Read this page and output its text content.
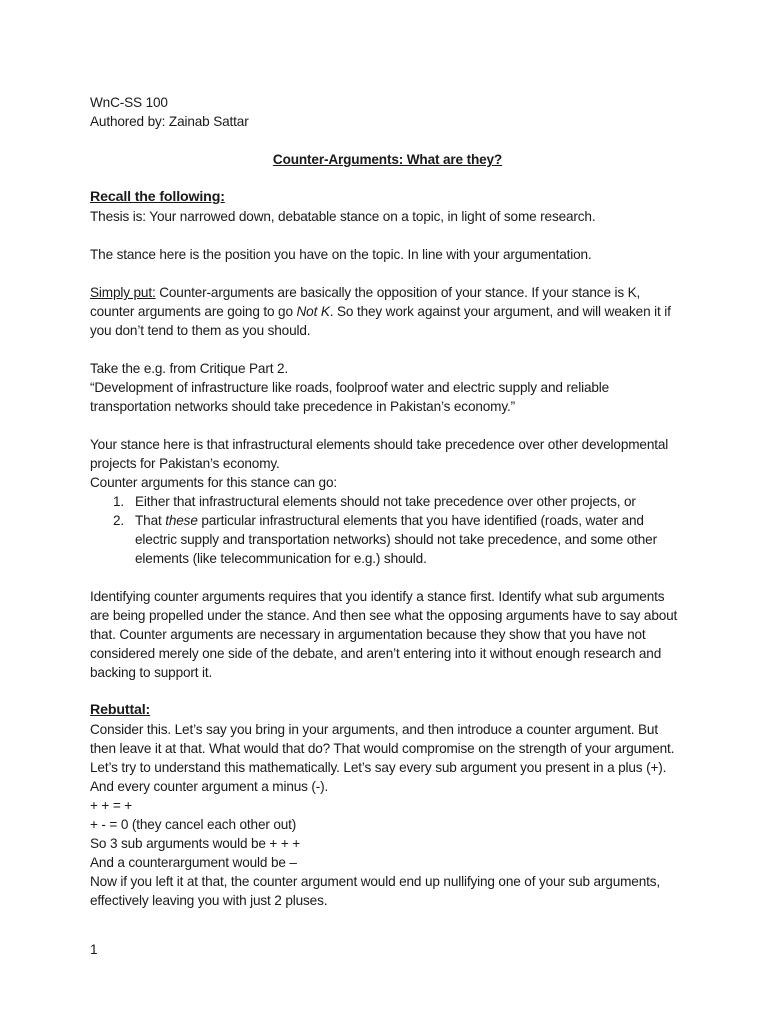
WnC-SS 100

Authored by: Zainab Sattar

Counter-Arguments: What are they?

Recall the following:

Thesis is: Your narrowed down, debatable stance on a topic, in light of some research.

The stance here is the position you have on the topic. In line with your argumentation.

Simply put: Counter-arguments are basically the opposition of your stance. If your stance is K, counter arguments are going to go Not K. So they work against your argument, and will weaken it if you don’t tend to them as you should.

Take the e.g. from Critique Part 2.

“Development of infrastructure like roads, foolproof water and electric supply and reliable transportation networks should take precedence in Pakistan’s economy.”

Your stance here is that infrastructural elements should take precedence over other developmental projects for Pakistan’s economy.

Counter arguments for this stance can go:

1. Either that infrastructural elements should not take precedence over other projects, or
2. That these particular infrastructural elements that you have identified (roads, water and electric supply and transportation networks) should not take precedence, and some other elements (like telecommunication for e.g.) should.

Identifying counter arguments requires that you identify a stance first. Identify what sub arguments are being propelled under the stance. And then see what the opposing arguments have to say about that. Counter arguments are necessary in argumentation because they show that you have not considered merely one side of the debate, and aren’t entering into it without enough research and backing to support it.

Rebuttal:

Consider this. Let’s say you bring in your arguments, and then introduce a counter argument. But then leave it at that. What would that do? That would compromise on the strength of your argument. Let’s try to understand this mathematically. Let’s say every sub argument you present in a plus (+). And every counter argument a minus (-).

+ + = +

+ - = 0 (they cancel each other out)

So 3 sub arguments would be + + +

And a counterargument would be –

Now if you left it at that, the counter argument would end up nullifying one of your sub arguments, effectively leaving you with just 2 pluses.

1
